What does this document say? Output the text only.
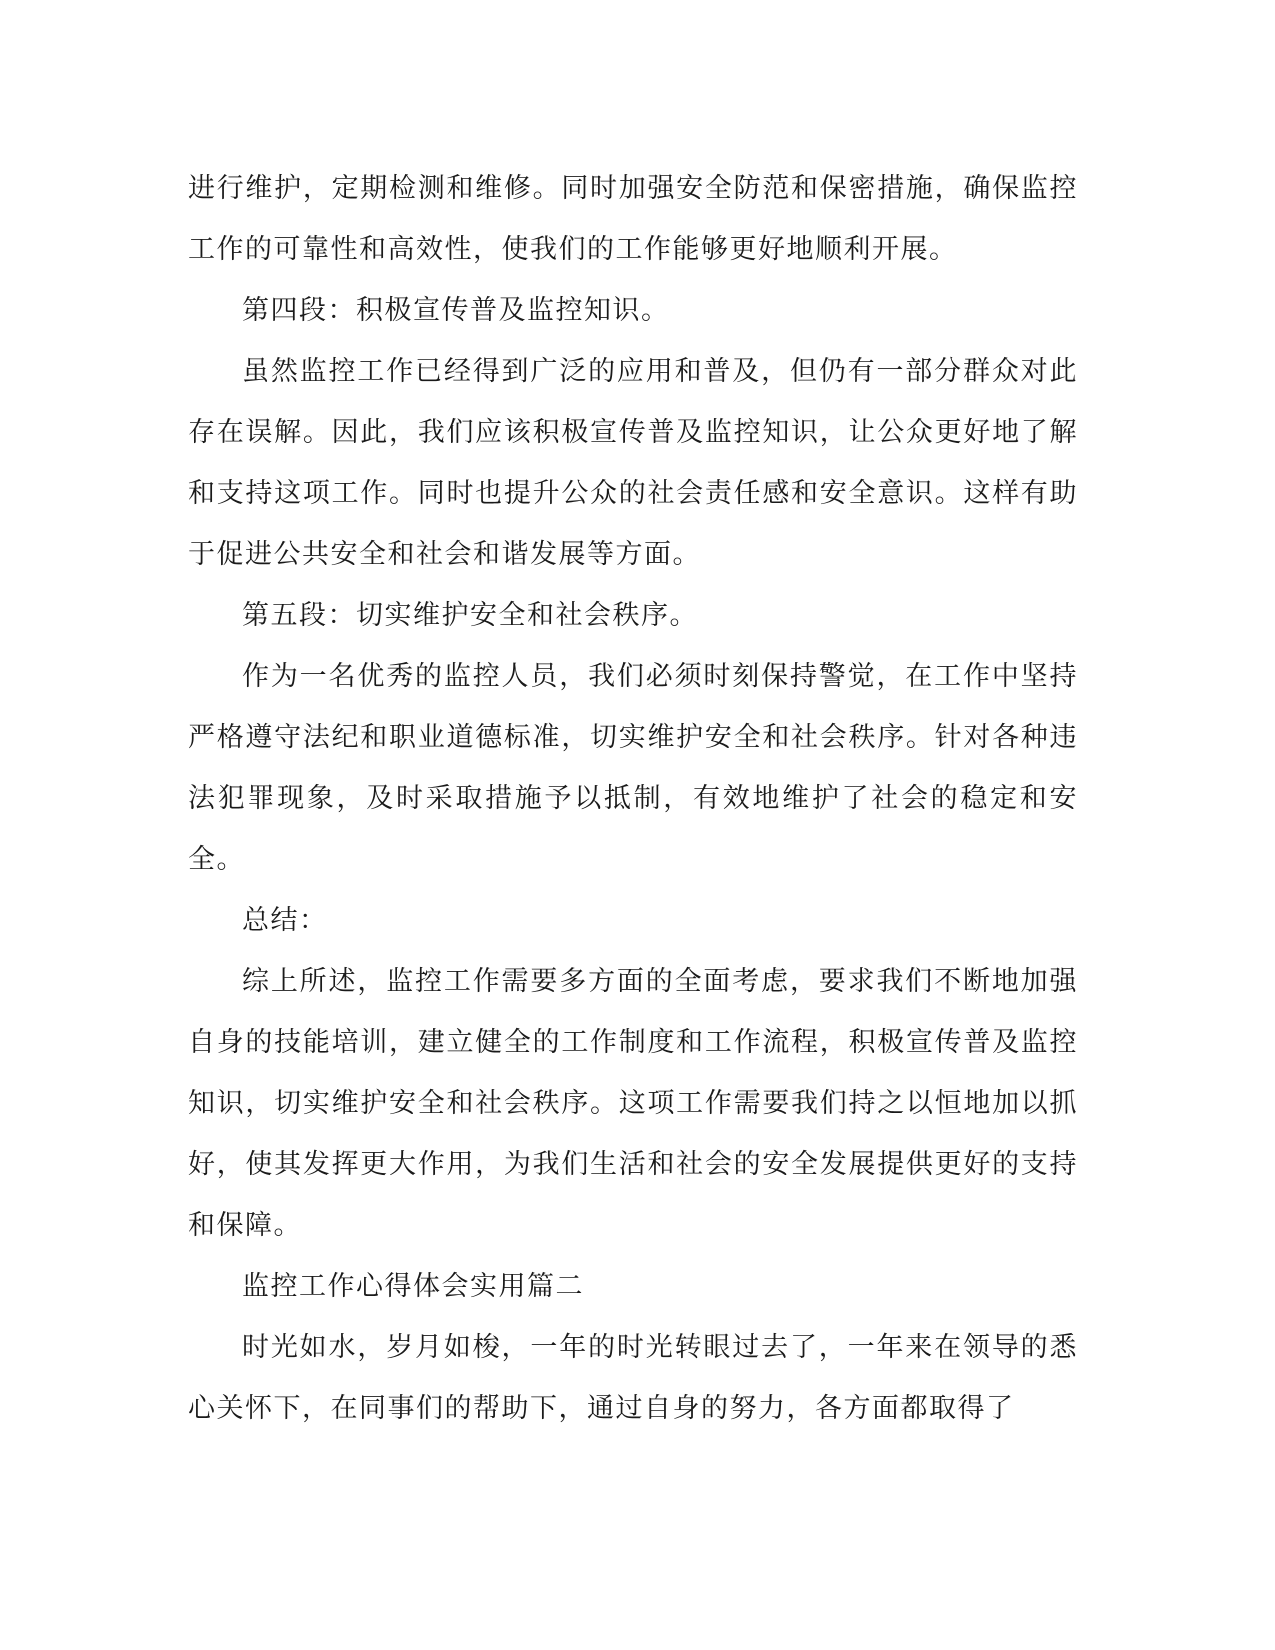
进行维护，定期检测和维修。同时加强安全防范和保密措施，确保监控工作的可靠性和高效性，使我们的工作能够更好地顺利开展。

第四段：积极宣传普及监控知识。

虽然监控工作已经得到广泛的应用和普及，但仍有一部分群众对此存在误解。因此，我们应该积极宣传普及监控知识，让公众更好地了解和支持这项工作。同时也提升公众的社会责任感和安全意识。这样有助于促进公共安全和社会和谐发展等方面。

第五段：切实维护安全和社会秩序。

作为一名优秀的监控人员，我们必须时刻保持警觉，在工作中坚持严格遵守法纪和职业道德标准，切实维护安全和社会秩序。针对各种违法犯罪现象，及时采取措施予以抵制，有效地维护了社会的稳定和安全。

总结：

综上所述，监控工作需要多方面的全面考虑，要求我们不断地加强自身的技能培训，建立健全的工作制度和工作流程，积极宣传普及监控知识，切实维护安全和社会秩序。这项工作需要我们持之以恒地加以抓好，使其发挥更大作用，为我们生活和社会的安全发展提供更好的支持和保障。

监控工作心得体会实用篇二

时光如水，岁月如梭，一年的时光转眼过去了，一年来在领导的悉心关怀下，在同事们的帮助下，通过自身的努力，各方面都取得了
